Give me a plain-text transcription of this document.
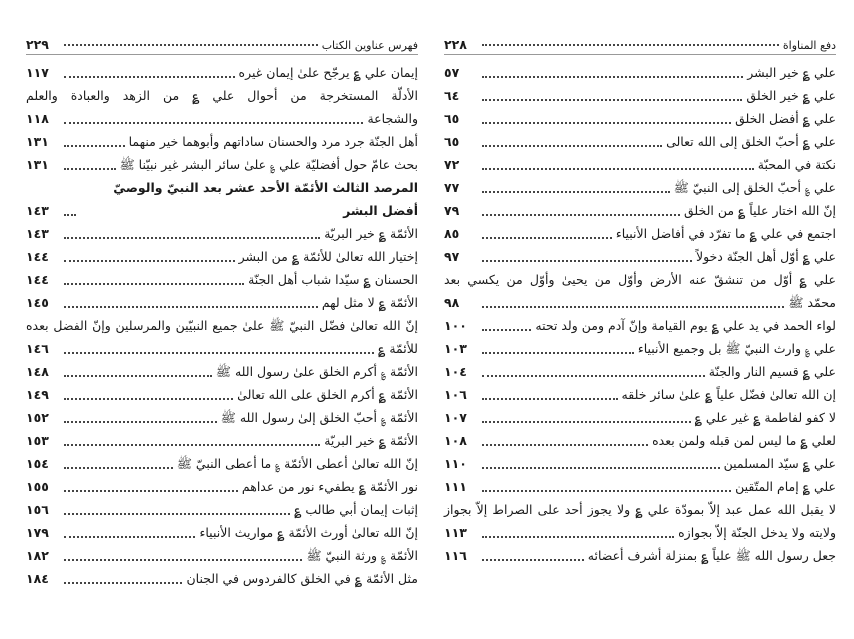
دفع المناواة
٢٢٨
علي ؏ خير البشر
٥٧
علي ؏ خير الخلق
٦٤
علي ؏ أفضل الخلق
٦٥
علي ؏ أحبّ الخلق إلى الله تعالى
٦٥
نكتة في المحبّة
٧٢
علي ؏ أحبّ الخلق إلى النبيّ ﷺ
٧٧
إنّ الله اختار علياً ؏ من الخلق
٧٩
اجتمع في علي ؏ ما تفرّد في أفاضل الأنبياء
٨٥
علي ؏ أوّل أهل الجنّة دخولاً
٩٧
علي ؏ أوّل من تنشقّ عنه الأرض وأوّل من يحيىٰ وأوّل من يكسي بعد
محمّد ﷺ
٩٨
لواء الحمد في يد علي ؏ يوم القيامة وإنّ آدم ومن ولد تحته
١٠٠
علي ؏ وارث النبيّ ﷺ بل وجميع الأنبياء
١٠٣
علي ؏ قسيم النار والجنّة
١٠٤
إن الله تعالىٰ فضّل علياً ؏ علىٰ سائر خلقه
١٠٦
لا كفو لفاطمة ؏ غير علي ؏
١٠٧
لعلي ؏ ما ليس لمن قبله ولمن بعده
١٠٨
علي ؏ سيّد المسلمين
١١٠
علي ؏ إمام المتّقين
١١١
لا يقبل الله عمل عبد إلاّ بمودّة علي ؏ ولا يجوز أحد على الصراط إلاّ بجواز
ولايته ولا يدخل الجنّة إلاّ بجوازه
١١٣
جعل رسول الله ﷺ علياً ؏ بمنزلة أشرف أعضائه
١١٦
فهرس عناوين الكتاب
٢٢٩
إيمان علي ؏ يرجّح علىٰ إيمان غيره
١١٧
الأدلّة المستخرجة من أحوال علي ؏ من الزهد والعبادة والعلم
والشجاعة
١١٨
أهل الجنّة جرد مرد والحسنان ساداتهم وأبوهما خير منهما
١٣١
بحث عامّ حول أفضليّة علي ؏ علىٰ سائر البشر غير نبيّنا ﷺ
١٣١
المرصد الثالث الأئمّة الأحد عشر بعد النبيّ والوصيّ أفضل البشر
١٤٣
الأئمّة ؏ خير البريّة
١٤٣
إختيار الله تعالىٰ للأئمّة ؏ من البشر
١٤٤
الحسنان ؏ سيّدا شباب أهل الجنّة
١٤٤
الأئمّة ؏ لا مثل لهم
١٤٥
إنّ الله تعالىٰ فضّل النبيّ ﷺ علىٰ جميع النبيّين والمرسلين وإنّ الفضل بعده
للأئمّة ؏
١٤٦
الأئمّة ؏ أكرم الخلق علىٰ رسول الله ﷺ
١٤٨
الأئمّة ؏ أكرم الخلق على الله تعالىٰ
١٤٩
الأئمّة ؏ أحبّ الخلق إلىٰ رسول الله ﷺ
١٥٢
الأئمّة ؏ خير البريّة
١٥٣
إنّ الله تعالىٰ أعطى الأئمّة ؏ ما أعطى النبيّ ﷺ
١٥٤
نور الأئمّة ؏ يطفيء نور من عداهم
١٥٥
إثبات إيمان أبي طالب ؏
١٥٦
إنّ الله تعالىٰ أورث الأئمّة ؏ مواريث الأنبياء
١٧٩
الأئمّة ؏ ورثة النبيّ ﷺ
١٨٢
مثل الأئمّة ؏ في الخلق كالفردوس في الجنان
١٨٤
